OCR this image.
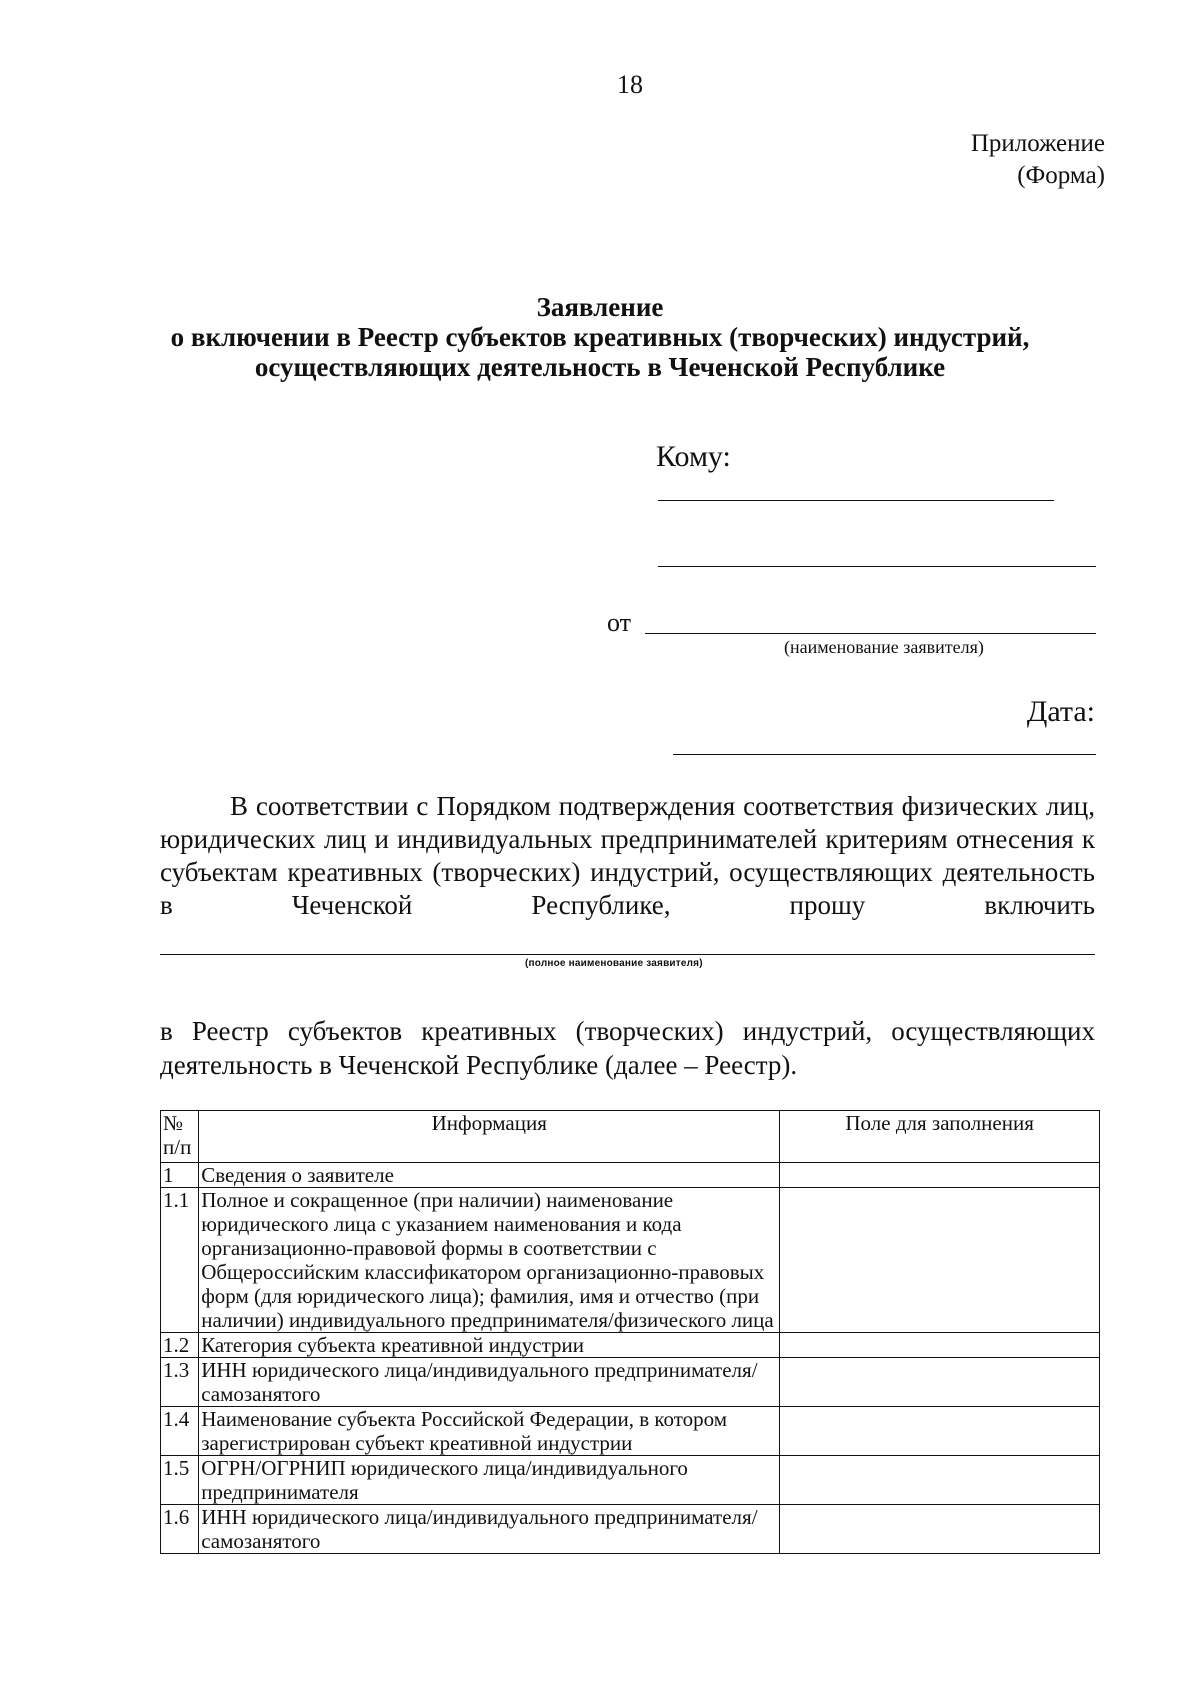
18
Приложение
(Форма)
Заявление
о включении в Реестр субъектов креативных (творческих) индустрий,
осуществляющих деятельность в Чеченской Республике
Кому:
от
(наименование заявителя)
Дата:
В соответствии с Порядком подтверждения соответствия физических лиц, юридических лиц и индивидуальных предпринимателей критериям отнесения к субъектам креативных (творческих) индустрий, осуществляющих деятельность в Чеченской Республике, прошу включить
(полное наименование заявителя)
в Реестр субъектов креативных (творческих) индустрий, осуществляющих
деятельность в Чеченской Республике (далее – Реестр).
№ п/п	Информация	Поле для заполнения
1	Сведения о заявителе	
1.1	Полное и сокращенное (при наличии) наименование юридического лица с указанием наименования и кода организационно-правовой формы в соответствии с Общероссийским классификатором организационно-правовых форм (для юридического лица); фамилия, имя и отчество (при наличии) индивидуального предпринимателя/физического лица	
1.2	Категория субъекта креативной индустрии	
1.3	ИНН юридического лица/индивидуального предпринимателя/самозанятого	
1.4	Наименование субъекта Российской Федерации, в котором зарегистрирован субъект креативной индустрии	
1.5	ОГРН/ОГРНИП юридического лица/индивидуального предпринимателя	
1.6	ИНН юридического лица/индивидуального предпринимателя/самозанятого	
